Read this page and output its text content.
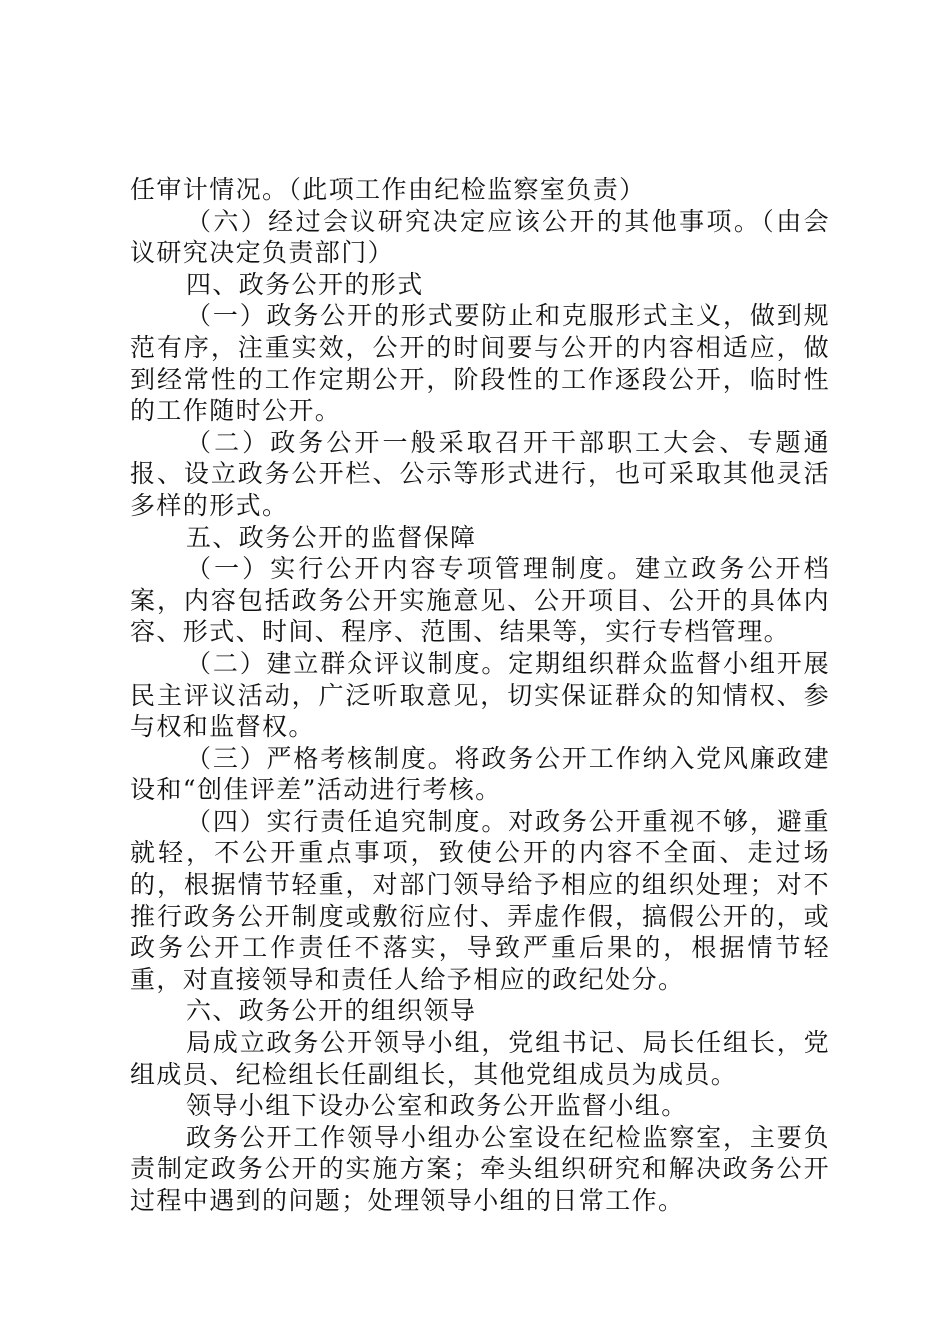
任审计情况。（此项工作由纪检监察室负责）

（六）经过会议研究决定应该公开的其他事项。（由会议研究决定负责部门）

四、政务公开的形式

（一）政务公开的形式要防止和克服形式主义，做到规范有序，注重实效，公开的时间要与公开的内容相适应，做到经常性的工作定期公开，阶段性的工作逐段公开，临时性的工作随时公开。

（二）政务公开一般采取召开干部职工大会、专题通报、设立政务公开栏、公示等形式进行，也可采取其他灵活多样的形式。

五、政务公开的监督保障

（一）实行公开内容专项管理制度。建立政务公开档案，内容包括政务公开实施意见、公开项目、公开的具体内容、形式、时间、程序、范围、结果等，实行专档管理。

（二）建立群众评议制度。定期组织群众监督小组开展民主评议活动，广泛听取意见，切实保证群众的知情权、参与权和监督权。

（三）严格考核制度。将政务公开工作纳入党风廉政建设和“创佳评差”活动进行考核。

（四）实行责任追究制度。对政务公开重视不够，避重就轻，不公开重点事项，致使公开的内容不全面、走过场的，根据情节轻重，对部门领导给予相应的组织处理；对不推行政务公开制度或敷衍应付、弄虚作假，搞假公开的，或政务公开工作责任不落实，导致严重后果的，根据情节轻重，对直接领导和责任人给予相应的政纪处分。

六、政务公开的组织领导

局成立政务公开领导小组，党组书记、局长任组长，党组成员、纪检组长任副组长，其他党组成员为成员。

领导小组下设办公室和政务公开监督小组。

政务公开工作领导小组办公室设在纪检监察室，主要负责制定政务公开的实施方案；牵头组织研究和解决政务公开过程中遇到的问题；处理领导小组的日常工作。
